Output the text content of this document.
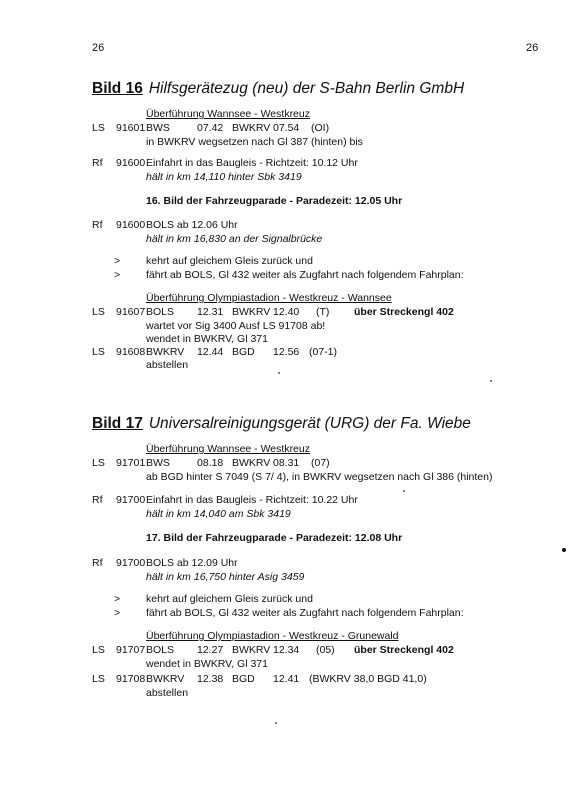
26	26
Bild 16 Hilfsgerätezug (neu) der S-Bahn Berlin GmbH
Überführung Wannsee - Westkreuz
LS 91601 BWS	07.42 BWKRV 07.54 (OI)
in BWKRV wegsetzen nach Gl 387 (hinten) bis
Rf 91600 Einfahrt in das Baugleis - Richtzeit: 10.12 Uhr
hält in km 14,110 hinter Sbk 3419
16. Bild der Fahrzeugparade - Paradezeit: 12.05 Uhr
Rf 91600 BOLS ab 12.06 Uhr
hält in km 16,830 an der Signalbrücke
> kehrt auf gleichem Gleis zurück und
> fährt ab BOLS, Gl 432 weiter als Zugfahrt nach folgendem Fahrplan:
Überführung Olympiastadion - Westkreuz - Wannsee
LS 91607 BOLS 12.31 BWKRV 12.40 (T) über Streckengl 402
wartet vor Sig 3400 Ausf LS 91708 ab!
wendet in BWKRV, Gl 371
LS 91608 BWKRV 12.44 BGD 12.56 (07-1)
abstellen
Bild 17 Universalreinigungsgerät (URG) der Fa. Wiebe
Überführung Wannsee - Westkreuz
LS 91701 BWS	08.18 BWKRV 08.31 (07)
ab BGD hinter S 7049 (S 7/ 4), in BWKRV wegsetzen nach Gl 386 (hinten)
Rf 91700 Einfahrt in das Baugleis - Richtzeit: 10.22 Uhr
hält in km 14,040 am Sbk 3419
17. Bild der Fahrzeugparade - Paradezeit: 12.08 Uhr
Rf 91700 BOLS ab 12.09 Uhr
hält in km 16,750 hinter Asig 3459
> kehrt auf gleichem Gleis zurück und
> fährt ab BOLS, Gl 432 weiter als Zugfahrt nach folgendem Fahrplan:
Überführung Olympiastadion - Westkreuz - Grunewald
LS 91707 BOLS 12.27 BWKRV 12.34 (05) über Streckengl 402
wendet in BWKRV, Gl 371
LS 91708 BWKRV 12.38 BGD 12.41 (BWKRV 38,0 BGD 41,0)
abstellen
